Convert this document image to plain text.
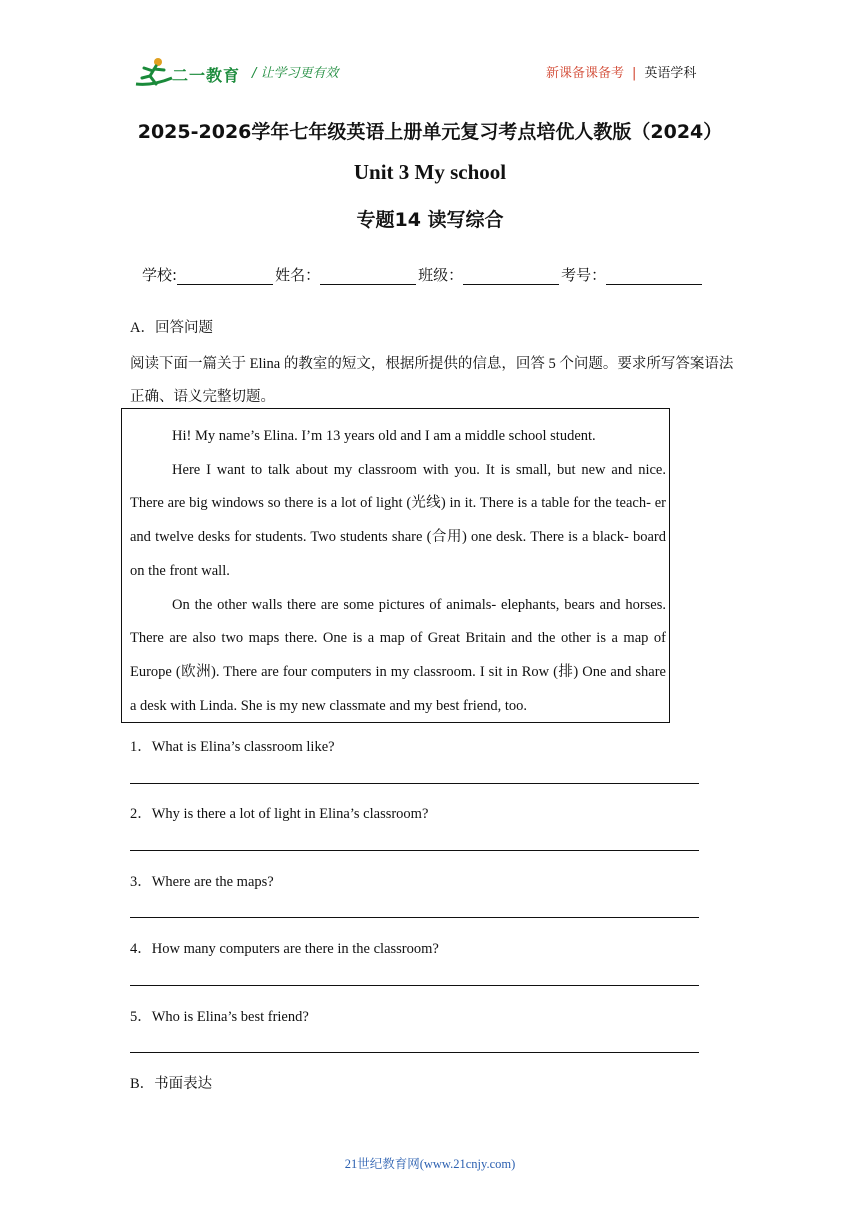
二一教育 / 让学习更有效	新课备课备考 | 英语学科
2025-2026学年七年级英语上册单元复习考点培优人教版（2024）
Unit 3 My school
专题14 读写综合
学校:	姓名：	班级：	考号：
A．回答问题
阅读下面一篇关于 Elina 的教室的短文，根据所提供的信息，回答 5 个问题。要求所写答案语法正确、语义完整切题。

Hi! My name’s Elina. I’m 13 years old and I am a middle school student.

Here I want to talk about my classroom with you. It is small, but new and nice. There are big windows so there is a lot of light (光线) in it. There is a table for the teach- er and twelve desks for students. Two students share (合用) one desk. There is a black- board on the front wall.

On the other walls there are some pictures of animals- elephants, bears and horses. There are also two maps there. One is a map of Great Britain and the other is a map of Europe (欧洲). There are four computers in my classroom. I sit in Row (排) One and share a desk with Linda. She is my new classmate and my best friend, too.

1．What is Elina’s classroom like?
2．Why is there a lot of light in Elina’s classroom?
3．Where are the maps?
4．How many computers are there in the classroom?
5．Who is Elina’s best friend?
B．书面表达
21世纪教育网(www.21cnjy.com)
